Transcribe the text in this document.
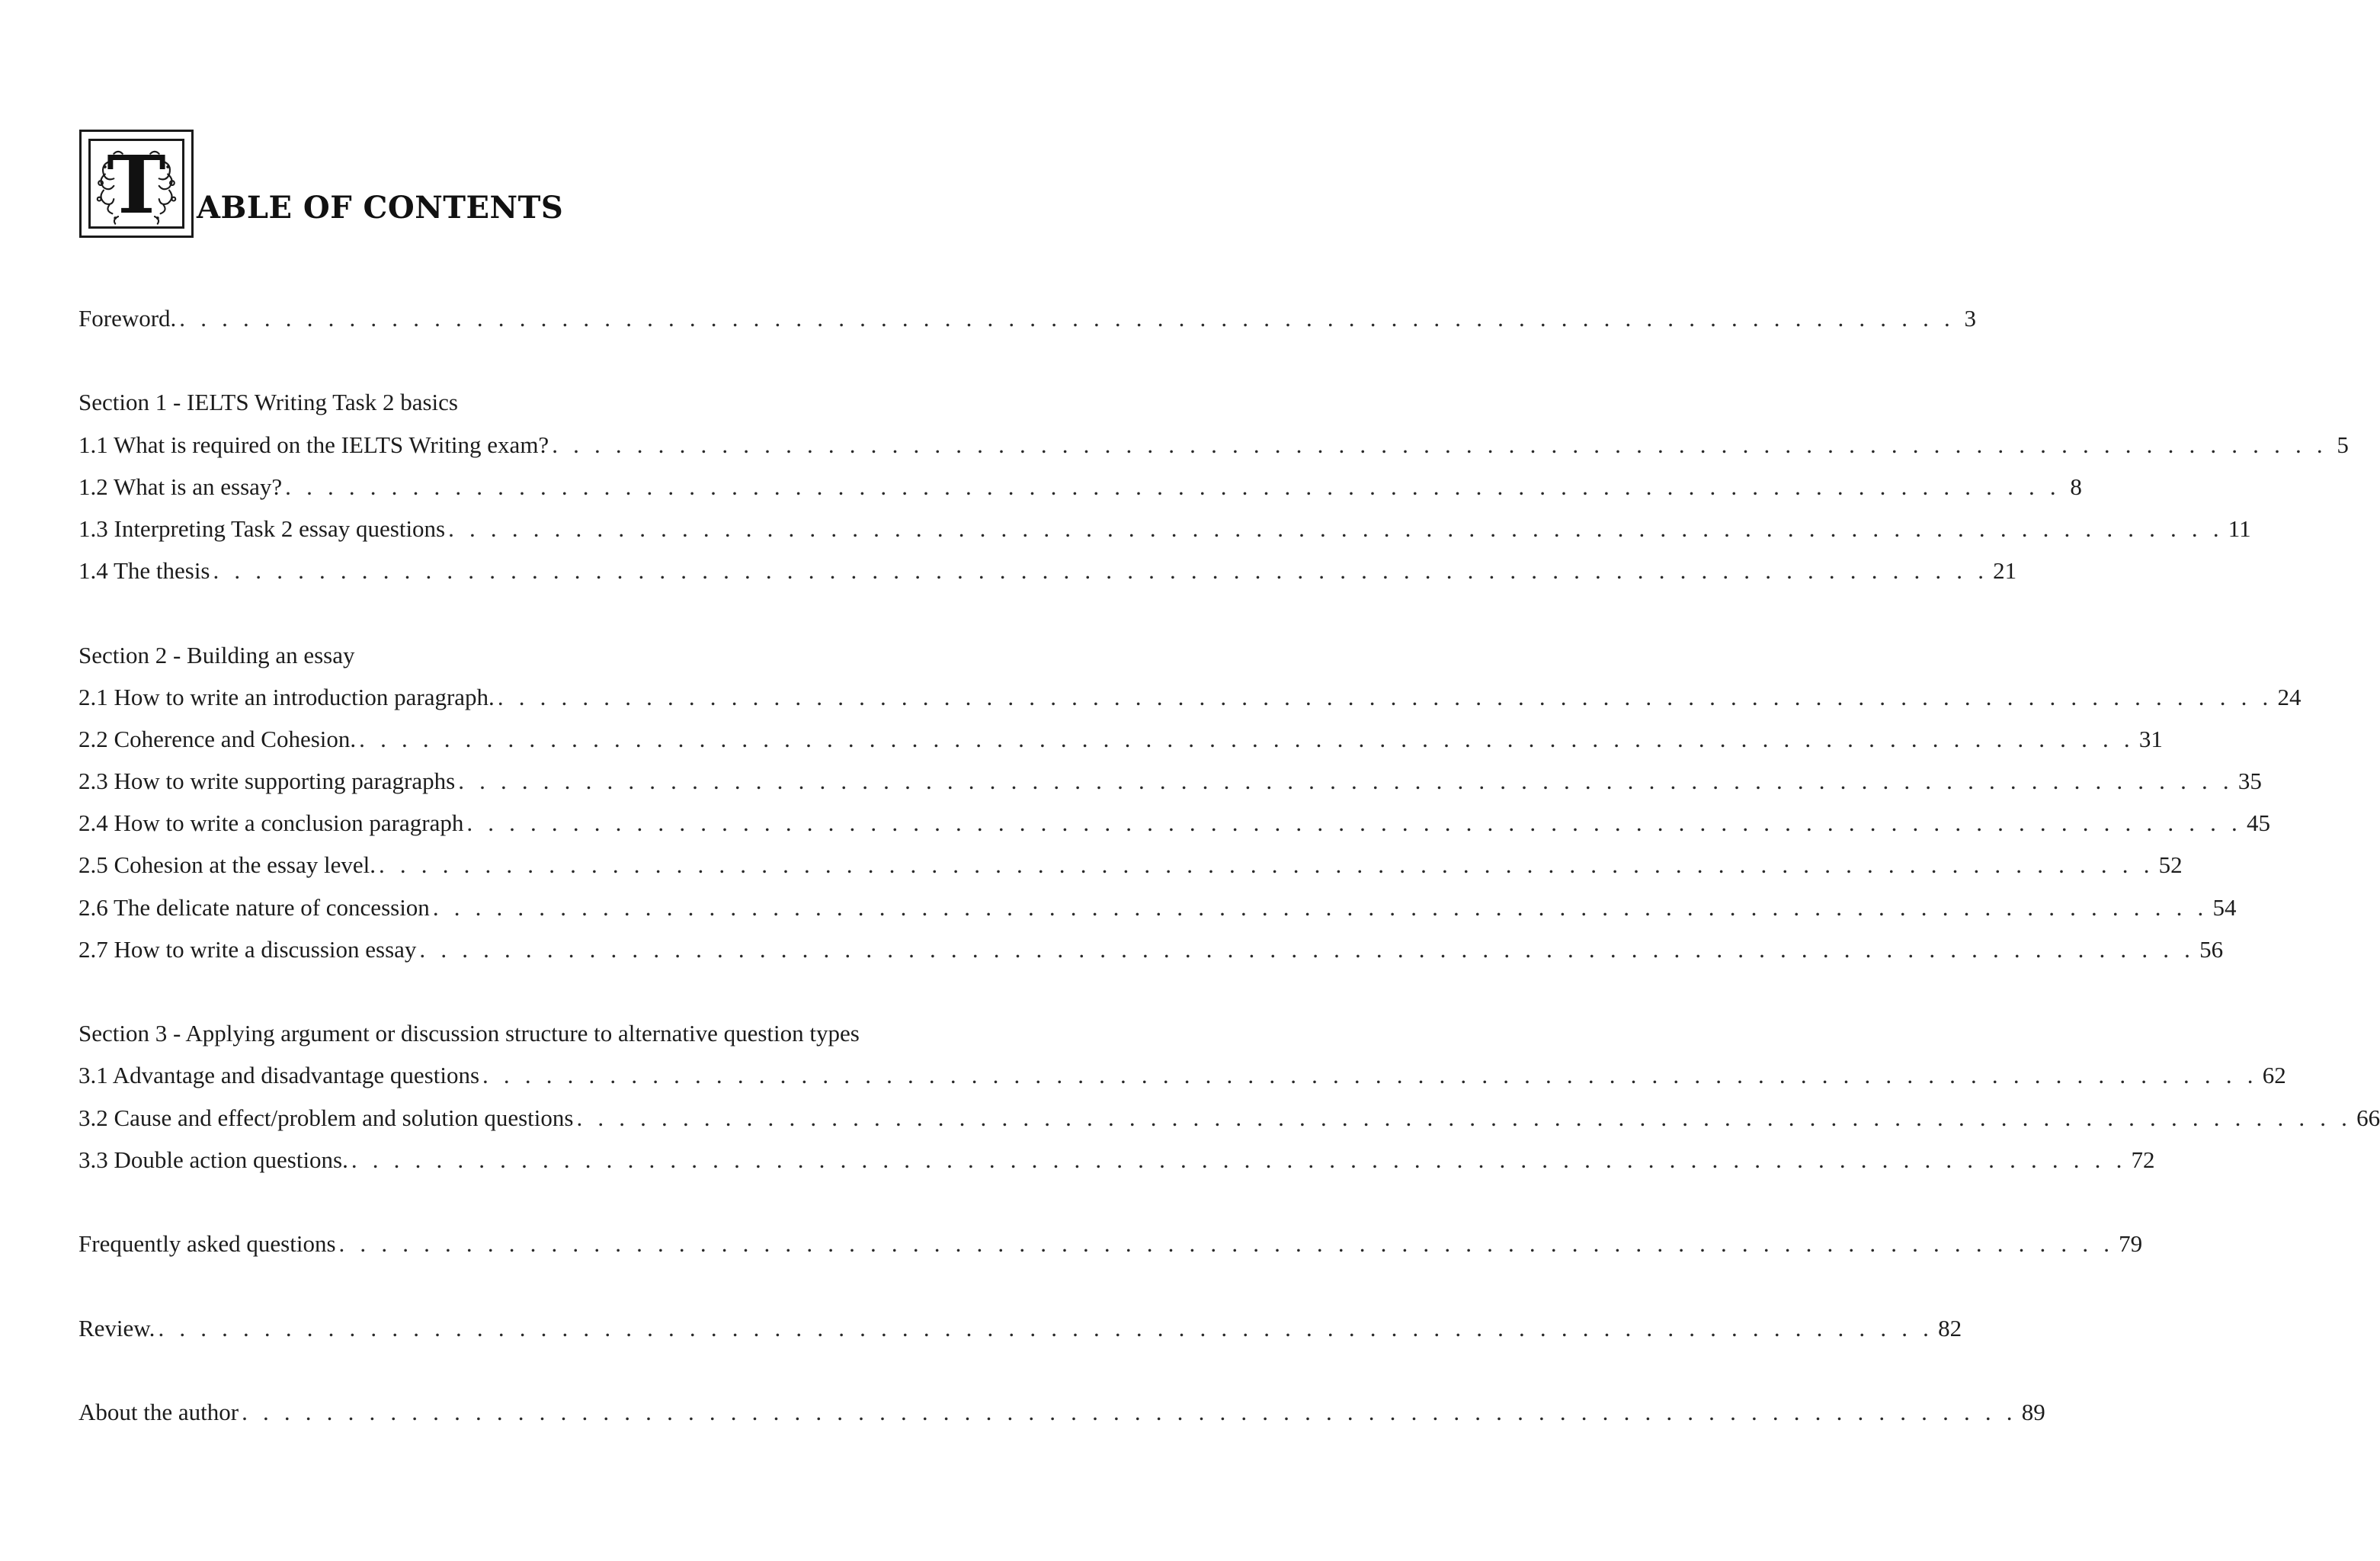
T	ABLE OF CONTENTS
Foreword. . . . . . . . . . . . . . . . . . . . . . . . . . . . . . . . . . . . . . . . . . . . . . . . . . . . . . . . . . . . . . . . . . . . . . . . . . . . . . . . . . . . . 3
Section 1 - IELTS Writing Task 2 basics
1.1 What is required on the IELTS Writing exam? . . . . . . . . . . . . . . . . . . . . . . . . . . . . . . . . . . . . . . . . . . . . . . . . . . . . . . . . . . . . . . . . . . . . . . . . . . . . . . . . . . . . 5
1.2 What is an essay? . . . . . . . . . . . . . . . . . . . . . . . . . . . . . . . . . . . . . . . . . . . . . . . . . . . . . . . . . . . . . . . . . . . . . . . . . . . . . . . . . . . . 8
1.3 Interpreting Task 2 essay questions . . . . . . . . . . . . . . . . . . . . . . . . . . . . . . . . . . . . . . . . . . . . . . . . . . . . . . . . . . . . . . . . . . . . . . . . . . . . . . . . . . . . 11
1.4 The thesis . . . . . . . . . . . . . . . . . . . . . . . . . . . . . . . . . . . . . . . . . . . . . . . . . . . . . . . . . . . . . . . . . . . . . . . . . . . . . . . . . . . . 21
Section 2 - Building an essay
2.1 How to write an introduction paragraph. . . . . . . . . . . . . . . . . . . . . . . . . . . . . . . . . . . . . . . . . . . . . . . . . . . . . . . . . . . . . . . . . . . . . . . . . . . . . . . . . . . . . 24
2.2 Coherence and Cohesion. . . . . . . . . . . . . . . . . . . . . . . . . . . . . . . . . . . . . . . . . . . . . . . . . . . . . . . . . . . . . . . . . . . . . . . . . . . . . . . . . . . . . 31
2.3 How to write supporting paragraphs . . . . . . . . . . . . . . . . . . . . . . . . . . . . . . . . . . . . . . . . . . . . . . . . . . . . . . . . . . . . . . . . . . . . . . . . . . . . . . . . . . . . 35
2.4 How to write a conclusion paragraph . . . . . . . . . . . . . . . . . . . . . . . . . . . . . . . . . . . . . . . . . . . . . . . . . . . . . . . . . . . . . . . . . . . . . . . . . . . . . . . . . . . . 45
2.5 Cohesion at the essay level. . . . . . . . . . . . . . . . . . . . . . . . . . . . . . . . . . . . . . . . . . . . . . . . . . . . . . . . . . . . . . . . . . . . . . . . . . . . . . . . . . . . . 52
2.6 The delicate nature of concession . . . . . . . . . . . . . . . . . . . . . . . . . . . . . . . . . . . . . . . . . . . . . . . . . . . . . . . . . . . . . . . . . . . . . . . . . . . . . . . . . . . . 54
2.7 How to write a discussion essay . . . . . . . . . . . . . . . . . . . . . . . . . . . . . . . . . . . . . . . . . . . . . . . . . . . . . . . . . . . . . . . . . . . . . . . . . . . . . . . . . . . . 56
Section 3 - Applying argument or discussion structure to alternative question types
3.1 Advantage and disadvantage questions . . . . . . . . . . . . . . . . . . . . . . . . . . . . . . . . . . . . . . . . . . . . . . . . . . . . . . . . . . . . . . . . . . . . . . . . . . . . . . . . . . . . 62
3.2 Cause and effect/problem and solution questions . . . . . . . . . . . . . . . . . . . . . . . . . . . . . . . . . . . . . . . . . . . . . . . . . . . . . . . . . . . . . . . . . . . . . . . . . . . . . . . . . . . . 66
3.3 Double action questions. . . . . . . . . . . . . . . . . . . . . . . . . . . . . . . . . . . . . . . . . . . . . . . . . . . . . . . . . . . . . . . . . . . . . . . . . . . . . . . . . . . . . 72
Frequently asked questions . . . . . . . . . . . . . . . . . . . . . . . . . . . . . . . . . . . . . . . . . . . . . . . . . . . . . . . . . . . . . . . . . . . . . . . . . . . . . . . . . . . . 79
Review. . . . . . . . . . . . . . . . . . . . . . . . . . . . . . . . . . . . . . . . . . . . . . . . . . . . . . . . . . . . . . . . . . . . . . . . . . . . . . . . . . . . . 82
About the author . . . . . . . . . . . . . . . . . . . . . . . . . . . . . . . . . . . . . . . . . . . . . . . . . . . . . . . . . . . . . . . . . . . . . . . . . . . . . . . . . . . . 89
